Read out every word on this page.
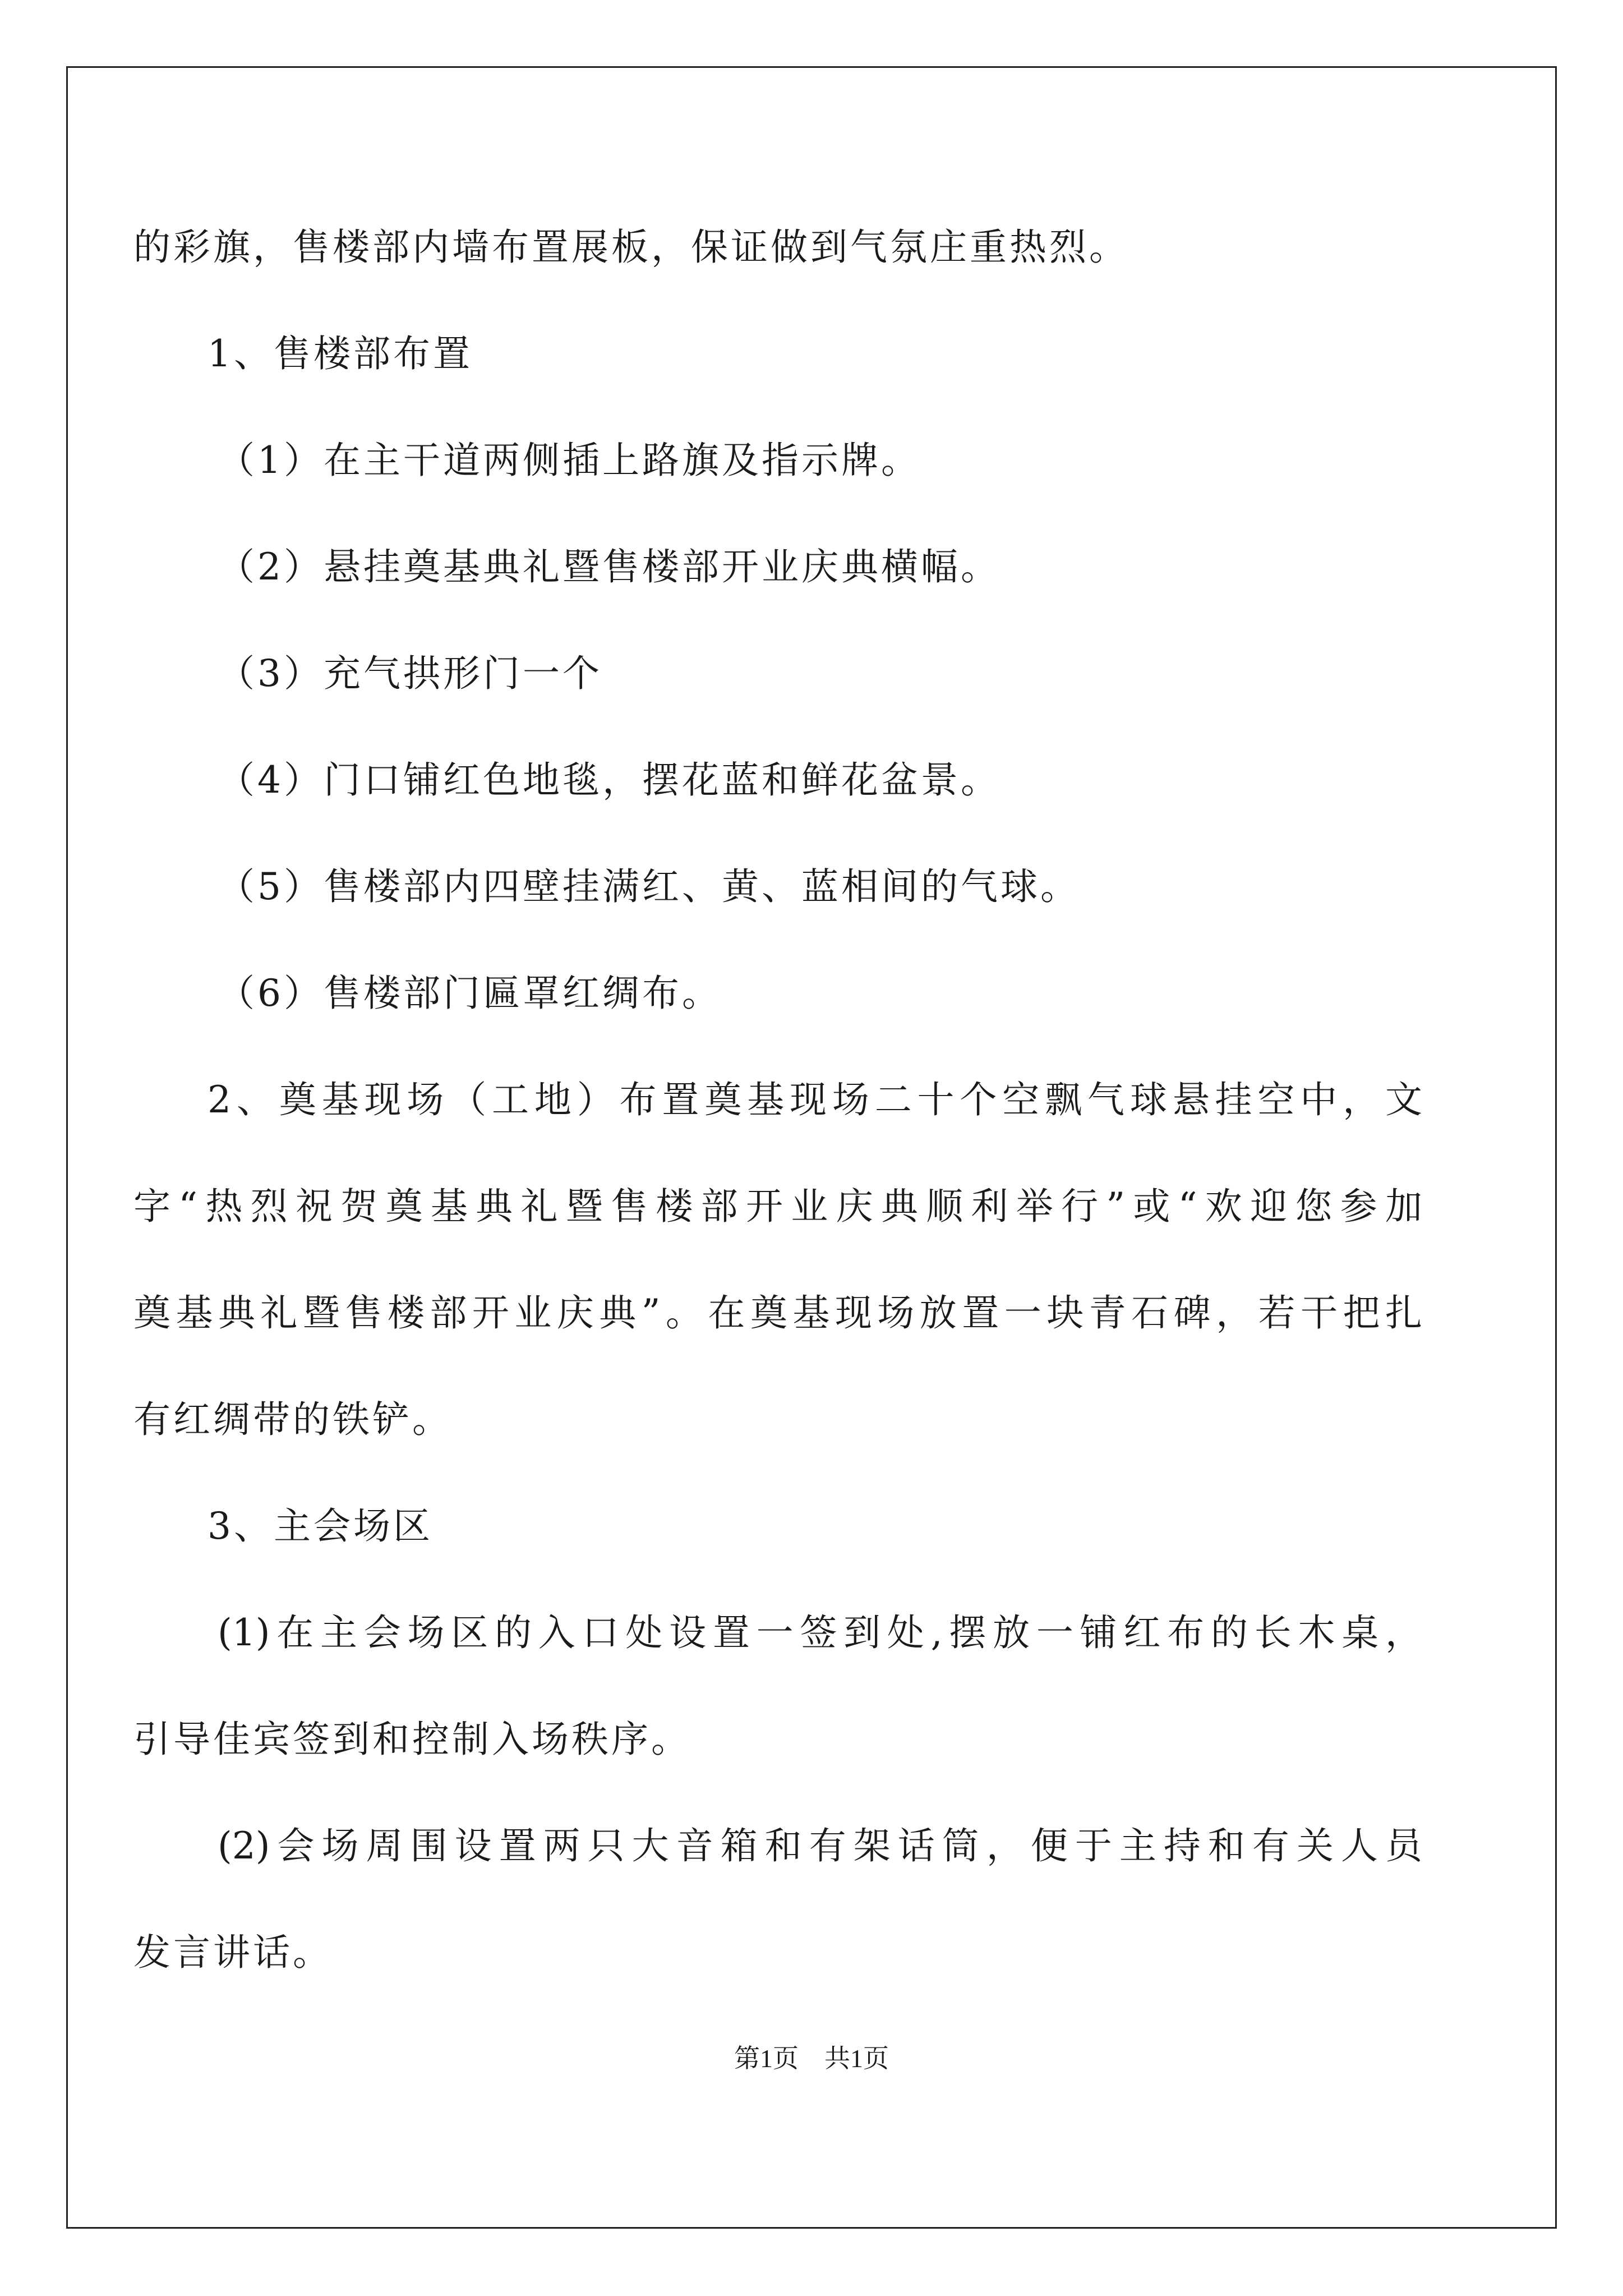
的彩旗，售楼部内墙布置展板，保证做到气氛庄重热烈。
1、售楼部布置
（1）在主干道两侧插上路旗及指示牌。
（2）悬挂奠基典礼暨售楼部开业庆典横幅。
（3）充气拱形门一个
（4）门口铺红色地毯，摆花蓝和鲜花盆景。
（5）售楼部内四壁挂满红、黄、蓝相间的气球。
（6）售楼部门匾罩红绸布。
2、奠基现场（工地）布置奠基现场二十个空飘气球悬挂空中，文
字“热烈祝贺奠基典礼暨售楼部开业庆典顺利举行”或“欢迎您参加
奠基典礼暨售楼部开业庆典”。在奠基现场放置一块青石碑，若干把扎
有红绸带的铁铲。
3、主会场区
(1)在主会场区的入口处设置一签到处,摆放一铺红布的长木桌，
引导佳宾签到和控制入场秩序。
(2)会场周围设置两只大音箱和有架话筒，便于主持和有关人员
发言讲话。
第1页　共1页
